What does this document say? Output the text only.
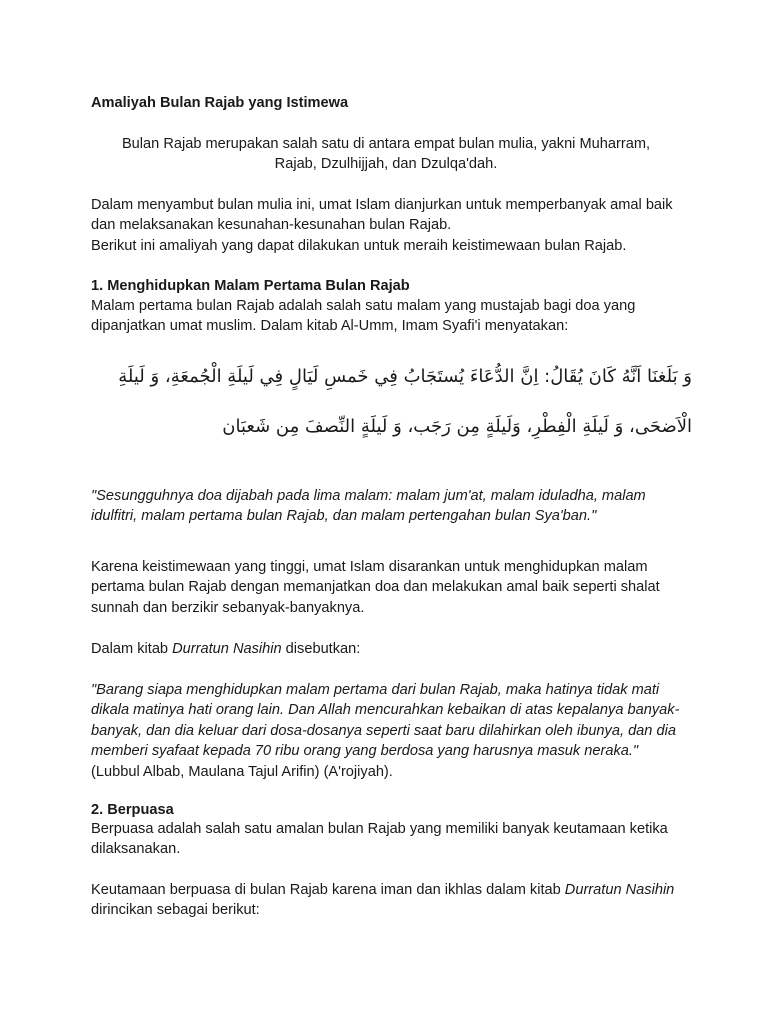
Amaliyah Bulan Rajab yang Istimewa

Bulan Rajab merupakan salah satu di antara empat bulan mulia, yakni Muharram, Rajab, Dzulhijjah, dan Dzulqa'dah.

Dalam menyambut bulan mulia ini, umat Islam dianjurkan untuk memperbanyak amal baik dan melaksanakan kesunahan-kesunahan bulan Rajab.
Berikut ini amaliyah yang dapat dilakukan untuk meraih keistimewaan bulan Rajab.

1. Menghidupkan Malam Pertama Bulan Rajab

Malam pertama bulan Rajab adalah salah satu malam yang mustajab bagi doa yang dipanjatkan umat muslim. Dalam kitab Al-Umm, Imam Syafi'i menyatakan:

وَ بَلَغنَا اَنَّهُ كَانَ يُقَالُ: اِنَّ الدُّعَاءَ يُستَجَابُ فِي خَمسِ لَيَالٍ فِي لَيلَةِ الْجُمعَةِ، وَ لَيلَةِ الْاَضحَى، وَ لَيلَةِ الْفِطْرِ، وَلَيلَةٍ مِن رَجَب، وَ لَيلَةٍ النِّصفَ مِن شَعبَان

"Sesungguhnya doa dijabah pada lima malam: malam jum'at, malam iduladha, malam idulfitri, malam pertama bulan Rajab, dan malam pertengahan bulan Sya'ban."

Karena keistimewaan yang tinggi, umat Islam disarankan untuk menghidupkan malam pertama bulan Rajab dengan memanjatkan doa dan melakukan amal baik seperti shalat sunnah dan berzikir sebanyak-banyaknya.

Dalam kitab Durratun Nasihin disebutkan:

"Barang siapa menghidupkan malam pertama dari bulan Rajab, maka hatinya tidak mati dikala matinya hati orang lain. Dan Allah mencurahkan kebaikan di atas kepalanya banyak-banyak, dan dia keluar dari dosa-dosanya seperti saat baru dilahirkan oleh ibunya, dan dia memberi syafaat kepada 70 ribu orang yang berdosa yang harusnya masuk neraka." (Lubbul Albab, Maulana Tajul Arifin) (A'rojiyah).

2. Berpuasa

Berpuasa adalah salah satu amalan bulan Rajab yang memiliki banyak keutamaan ketika dilaksanakan.

Keutamaan berpuasa di bulan Rajab karena iman dan ikhlas dalam kitab Durratun Nasihin dirincikan sebagai berikut:
